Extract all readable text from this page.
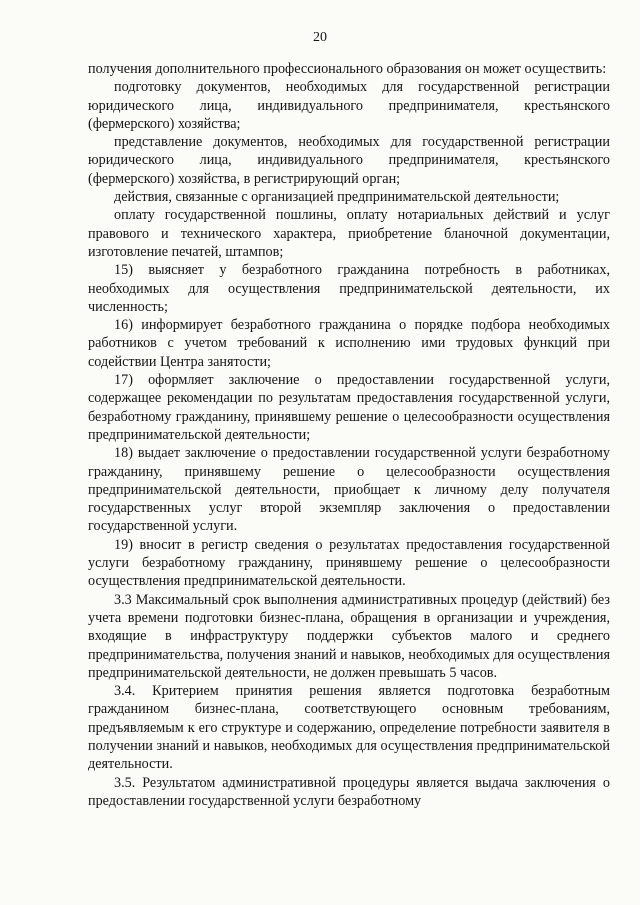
20

получения дополнительного профессионального образования он может осуществить:

подготовку документов, необходимых для государственной регистрации юридического лица, индивидуального предпринимателя, крестьянского (фермерского) хозяйства;

представление документов, необходимых для государственной регистрации юридического лица, индивидуального предпринимателя, крестьянского (фермерского) хозяйства, в регистрирующий орган;

действия, связанные с организацией предпринимательской деятельности;

оплату государственной пошлины, оплату нотариальных действий и услуг правового и технического характера, приобретение бланочной документации, изготовление печатей, штампов;

15) выясняет у безработного гражданина потребность в работниках, необходимых для осуществления предпринимательской деятельности, их численность;

16) информирует безработного гражданина о порядке подбора необходимых работников с учетом требований к исполнению ими трудовых функций при содействии Центра занятости;

17) оформляет заключение о предоставлении государственной услуги, содержащее рекомендации по результатам предоставления государственной услуги, безработному гражданину, принявшему решение о целесообразности осуществления предпринимательской деятельности;

18) выдает заключение о предоставлении государственной услуги безработному гражданину, принявшему решение о целесообразности осуществления предпринимательской деятельности, приобщает к личному делу получателя государственных услуг второй экземпляр заключения о предоставлении государственной услуги.

19) вносит в регистр сведения о результатах предоставления государственной услуги безработному гражданину, принявшему решение о целесообразности осуществления предпринимательской деятельности.

3.3 Максимальный срок выполнения административных процедур (действий) без учета времени подготовки бизнес-плана, обращения в организации и учреждения, входящие в инфраструктуру поддержки субъектов малого и среднего предпринимательства, получения знаний и навыков, необходимых для осуществления предпринимательской деятельности, не должен превышать 5 часов.

3.4. Критерием принятия решения является подготовка безработным гражданином бизнес-плана, соответствующего основным требованиям, предъявляемым к его структуре и содержанию, определение потребности заявителя в получении знаний и навыков, необходимых для осуществления предпринимательской деятельности.

3.5. Результатом административной процедуры является выдача заключения о предоставлении государственной услуги безработному
